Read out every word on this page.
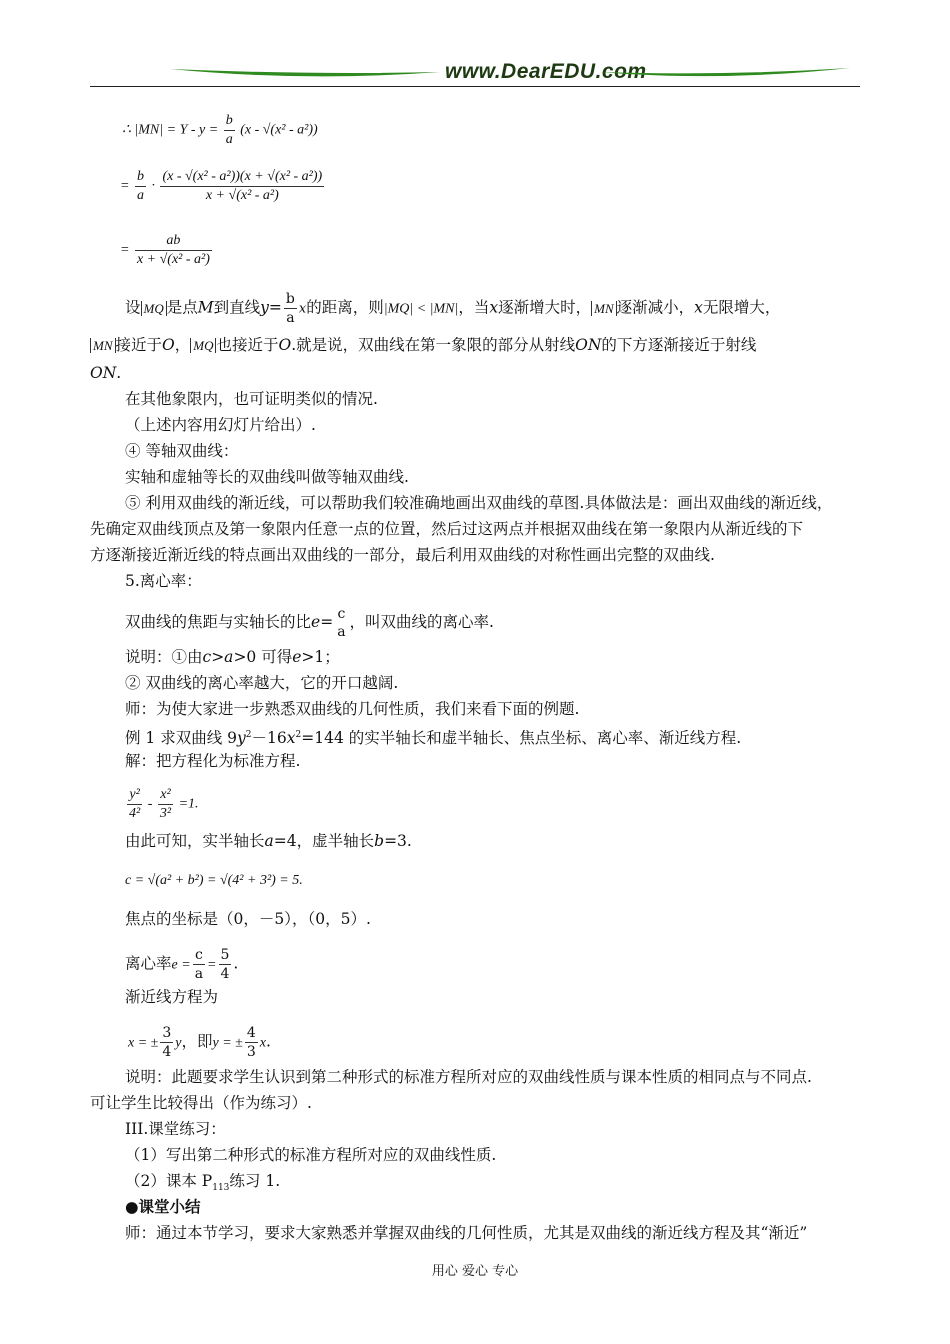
www.DearEDU.com
∴ $|MN| = Y - y = \frac{b}{a} (x - √(x^2 - a^2))$
= $\frac{b}{a} \cdot \frac{\text{(x - √(x² - a²))(x + √(x² - a²))}}{\text{x + √(x² - a²)}}$
= $\frac{ab}{\text{x + √(x² - a²)}}$
设 MQ 是点M到直线$y= \frac{b}{a}$ x的距离，则|MQ| < |MN|，当x逐渐增大时， MN 逐渐减小，x无限增大，
MN 接近于O， MQ 也接近于O.就是说，双曲线在第一象限的部分从射线ON的下方逐渐接近于射线
ON.
在其他象限内，也可证明类似的情况.
（上述内容用幻灯片给出）.
④ 等轴双曲线：
实轴和虚轴等长的双曲线叫做等轴双曲线.
⑤ 利用双曲线的渐近线，可以帮助我们较准确地画出双曲线的草图.具体做法是：画出双曲线的渐近线，
先确定双曲线顶点及第一象限内任意一点的位置，然后过这两点并根据双曲线在第一象限内从渐近线的下
方逐渐接近渐近线的特点画出双曲线的一部分，最后利用双曲线的对称性画出完整的双曲线.
5.离心率：
双曲线的焦距与实轴长的比e= c
a
，叫双曲线的离心率.
说明：①由c>a>0 可得e>1；
② 双曲线的离心率越大，它的开口越阔.
师：为使大家进一步熟悉双曲线的几何性质，我们来看下面的例题.
例 1 求双曲线 $9y^2-16x^2=144$ 的实半轴长和虚半轴长、焦点坐标、离心率、渐近线方程.
解：把方程化为标准方程.
$\frac{\text{y²}}{\text{4²}} - \frac{\text{x²}}{\text{3²}} =1$.
由此可知，实半轴长a=4，虚半轴长b=3.
c = √(a² + b²) = √(4² + 3²) = 5.
焦点的坐标是（0，－5），（0，5）.
离心率$e = \frac{c}{a} = \frac{5}{4}$ .
渐近线方程为
x = ± $\frac{3}{4}$ y，即y = ± $\frac{4}{3} x$.
说明：此题要求学生认识到第二种形式的标准方程所对应的双曲线性质与课本性质的相同点与不同点.
可让学生比较得出（作为练习）.
III.课堂练习：
（1）写出第二种形式的标准方程所对应的双曲线性质.
（2）课本 $P_{113}$练习 1.
●课堂小结
师：通过本节学习，要求大家熟悉并掌握双曲线的几何性质，尤其是双曲线的渐近线方程及其“渐近”
用心 爱心 专心
